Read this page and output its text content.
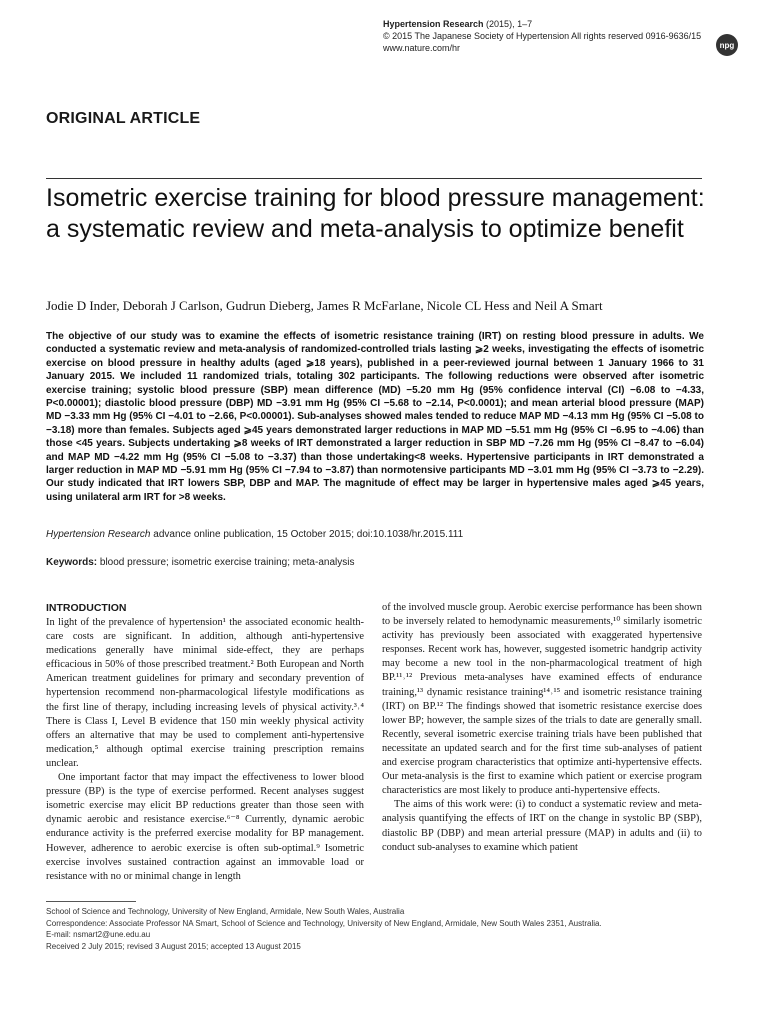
Hypertension Research (2015), 1–7
© 2015 The Japanese Society of Hypertension All rights reserved 0916-9636/15
www.nature.com/hr	npg
ORIGINAL ARTICLE
Isometric exercise training for blood pressure management: a systematic review and meta-analysis to optimize benefit
Jodie D Inder, Deborah J Carlson, Gudrun Dieberg, James R McFarlane, Nicole CL Hess and Neil A Smart

The objective of our study was to examine the effects of isometric resistance training (IRT) on resting blood pressure in adults. We conducted a systematic review and meta-analysis of randomized-controlled trials lasting ⩾2 weeks, investigating the effects of isometric exercise on blood pressure in healthy adults (aged ⩾18 years), published in a peer-reviewed journal between 1 January 1966 to 31 January 2015. We included 11 randomized trials, totaling 302 participants. The following reductions were observed after isometric exercise training; systolic blood pressure (SBP) mean difference (MD) −5.20 mm Hg (95% confidence interval (CI) −6.08 to −4.33, P<0.00001); diastolic blood pressure (DBP) MD −3.91 mm Hg (95% CI −5.68 to −2.14, P<0.0001); and mean arterial blood pressure (MAP) MD −3.33 mm Hg (95% CI −4.01 to −2.66, P<0.00001). Sub-analyses showed males tended to reduce MAP MD −4.13 mm Hg (95% CI −5.08 to −3.18) more than females. Subjects aged ⩾45 years demonstrated larger reductions in MAP MD −5.51 mm Hg (95% CI −6.95 to −4.06) than those <45 years. Subjects undertaking ⩾8 weeks of IRT demonstrated a larger reduction in SBP MD −7.26 mm Hg (95% CI −8.47 to −6.04) and MAP MD −4.22 mm Hg (95% CI −5.08 to −3.37) than those undertaking<8 weeks. Hypertensive participants in IRT demonstrated a larger reduction in MAP MD −5.91 mm Hg (95% CI −7.94 to −3.87) than normotensive participants MD −3.01 mm Hg (95% CI −3.73 to −2.29). Our study indicated that IRT lowers SBP, DBP and MAP. The magnitude of effect may be larger in hypertensive males aged ⩾45 years, using unilateral arm IRT for >8 weeks.

Hypertension Research advance online publication, 15 October 2015; doi:10.1038/hr.2015.111
Keywords: blood pressure; isometric exercise training; meta-analysis
INTRODUCTION

In light of the prevalence of hypertension¹ the associated economic health-care costs are significant. In addition, although anti-hypertensive medications generally have minimal side-effect, they are perhaps efficacious in 50% of those prescribed treatment.² Both European and North American treatment guidelines for primary and secondary prevention of hypertension recommend non-pharmacological lifestyle modifications as the first line of therapy, including increasing levels of physical activity.³˒⁴ There is Class I, Level B evidence that 150 min weekly physical activity offers an alternative that may be used to complement anti-hypertensive medication,⁵ although optimal exercise training prescription remains unclear.

One important factor that may impact the effectiveness to lower blood pressure (BP) is the type of exercise performed. Recent analyses suggest isometric exercise may elicit BP reductions greater than those seen with dynamic aerobic and resistance exercise.⁶⁻⁸ Currently, dynamic aerobic endurance activity is the preferred exercise modality for BP management. However, adherence to aerobic exercise is often sub-optimal.⁹ Isometric exercise involves sustained contraction against an immovable load or resistance with no or minimal change in length

of the involved muscle group. Aerobic exercise performance has been shown to be inversely related to hemodynamic measurements,¹⁰ similarly isometric activity has previously been associated with exaggerated hypertensive responses. Recent work has, however, suggested isometric handgrip activity may become a new tool in the non-pharmacological treatment of high BP.¹¹˒¹² Previous meta-analyses have examined effects of endurance training,¹³ dynamic resistance training¹⁴˒¹⁵ and isometric resistance training (IRT) on BP.¹² The findings showed that isometric resistance exercise does lower BP; however, the sample sizes of the trials to date are generally small. Recently, several isometric exercise training trials have been published that necessitate an updated search and for the first time sub-analyses of patient and exercise program characteristics that optimize anti-hypertensive effects. Our meta-analysis is the first to examine which patient or exercise program characteristics are most likely to produce anti-hypertensive effects.

The aims of this work were: (i) to conduct a systematic review and meta-analysis quantifying the effects of IRT on the change in systolic BP (SBP), diastolic BP (DBP) and mean arterial pressure (MAP) in adults and (ii) to conduct sub-analyses to examine which patient

School of Science and Technology, University of New England, Armidale, New South Wales, Australia
Correspondence: Associate Professor NA Smart, School of Science and Technology, University of New England, Armidale, New South Wales 2351, Australia.
E-mail: nsmart2@une.edu.au
Received 2 July 2015; revised 3 August 2015; accepted 13 August 2015
